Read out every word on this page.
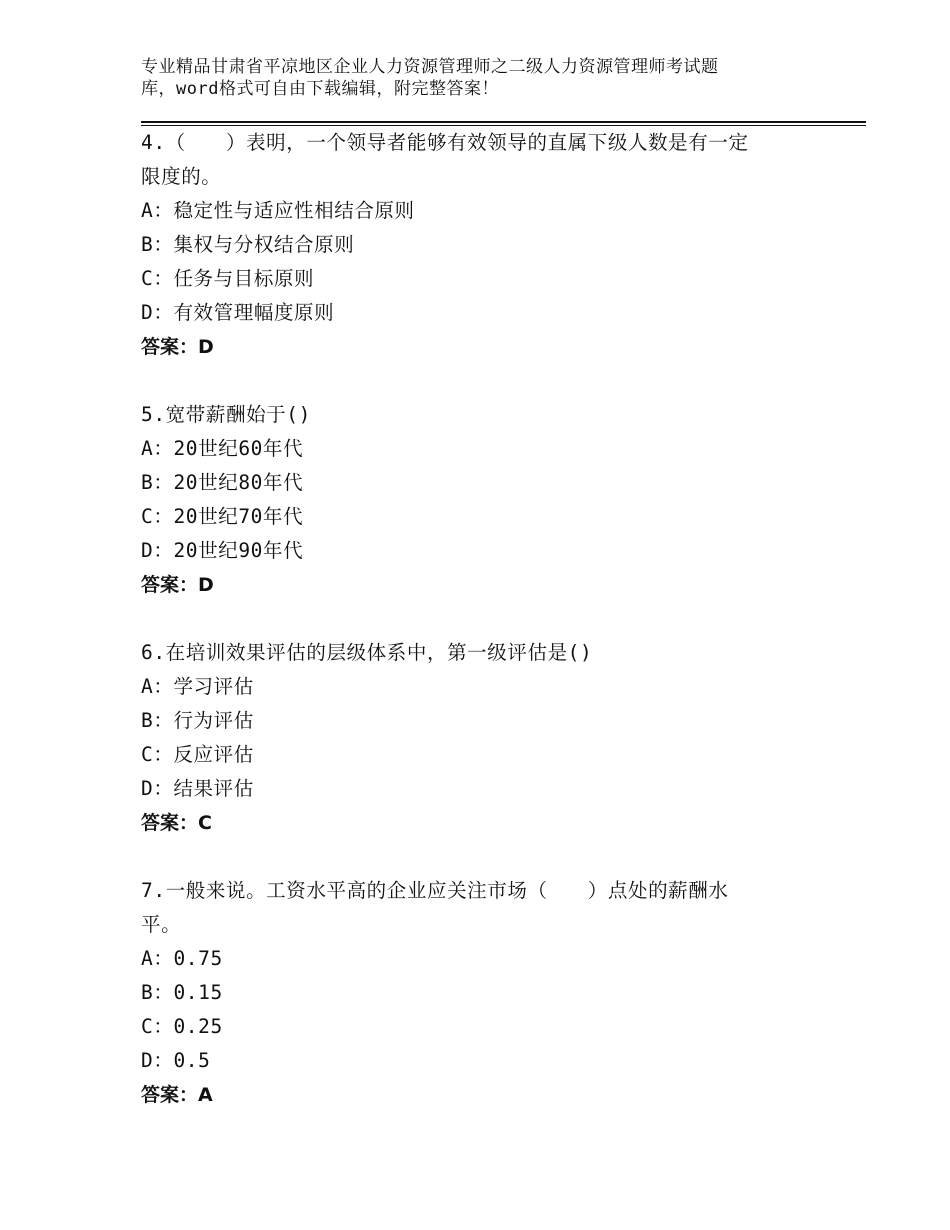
专业精品甘肃省平凉地区企业人力资源管理师之二级人力资源管理师考试题
库，word格式可自由下载编辑，附完整答案！
4.（　　）表明，一个领导者能够有效领导的直属下级人数是有一定
限度的。
A：稳定性与适应性相结合原则
B：集权与分权结合原则
C：任务与目标原则
D：有效管理幅度原则
答案：D
5.宽带薪酬始于()
A：20世纪60年代
B：20世纪80年代
C：20世纪70年代
D：20世纪90年代
答案：D
6.在培训效果评估的层级体系中，第一级评估是()
A：学习评估
B：行为评估
C：反应评估
D：结果评估
答案：C
7.一般来说。工资水平高的企业应关注市场（　　）点处的薪酬水
平。
A：0.75
B：0.15
C：0.25
D：0.5
答案：A
